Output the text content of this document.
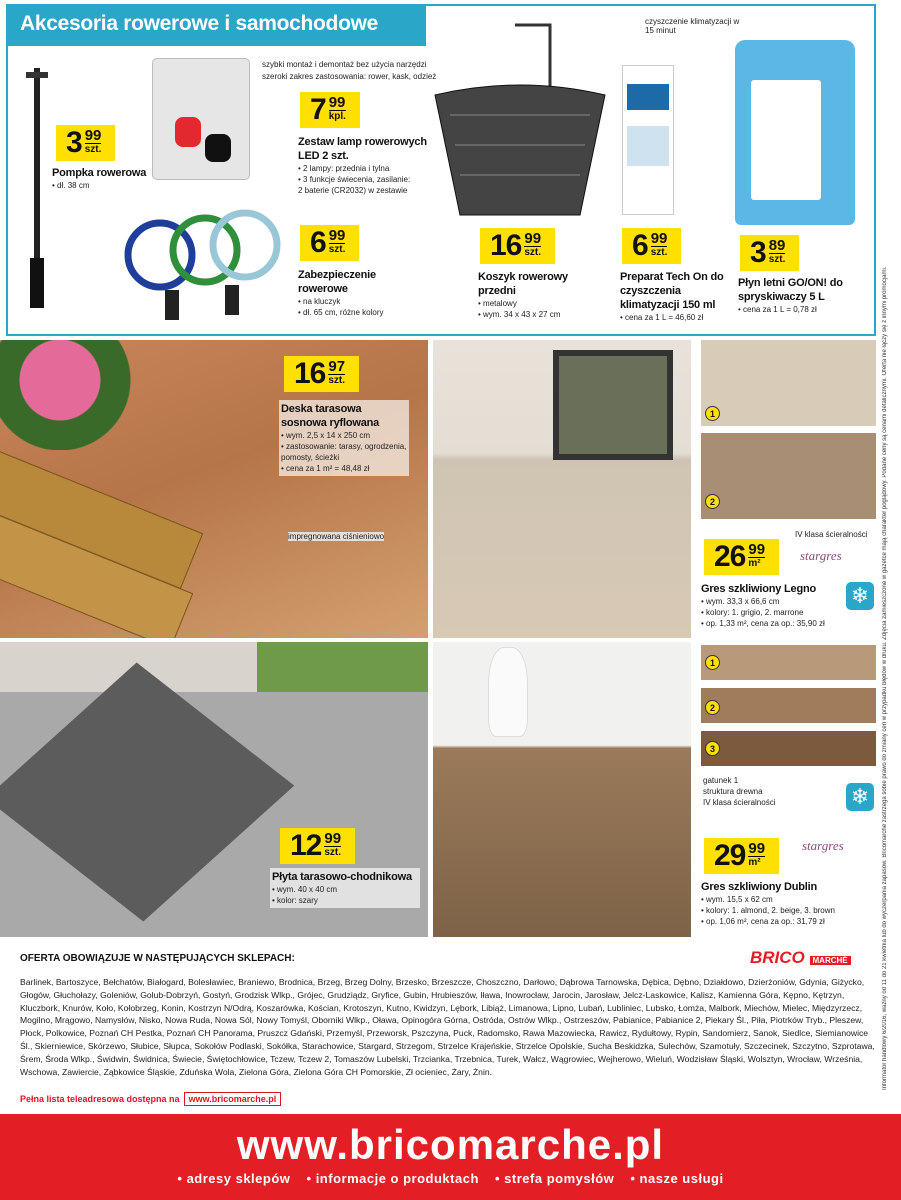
Akcesoria rowerowe i samochodowe
szybki montaż i demontaż bez użycia narzędzi
szeroki zakres zastosowania: rower, kask, odzież
czyszczenie klimatyzacji w 15 minut
3 99
szt.
Pompka rowerowa
• dł. 38 cm
7 99
kpl.
Zestaw lamp rowerowych LED 2 szt.
• 2 lampy: przednia i tylna
• 3 funkcje świecenia, zasilanie:
2 baterie (CR2032) w zestawie
6 99
szt.
Zabezpieczenie rowerowe
• na kluczyk
• dł. 65 cm, różne kolory
16 99
szt.
Koszyk rowerowy przedni
• metalowy
• wym. 34 x 43 x 27 cm
6 99
szt.
Preparat Tech On do czyszczenia klimatyzacji 150 ml
• cena za 1 L = 46,60 zł
3 89
szt.
Płyn letni GO/ON! do spryskiwaczy 5 L
• cena za 1 L = 0,78 zł
16 97
szt.
Deska tarasowa sosnowa ryflowana
• wym. 2,5 x 14 x 250 cm
• zastosowanie: tarasy, ogrodzenia,
pomosty, ścieżki
• cena za 1 m² = 48,48 zł
impregnowana ciśnieniowo
1
2
IV klasa ścieralności
26 99
m²
stargres
❄
Gres szkliwiony Legno
• wym. 33,3 x 66,6 cm
• kolory: 1. grigio, 2. marrone
• op. 1,33 m², cena za op.: 35,90 zł
12 99
szt.
Płyta tarasowo-chodnikowa
• wym. 40 x 40 cm
• kolor: szary
1
2
3
gatunek 1
struktura drewna
IV klasa ścieralności	❄
29 99
m²
stargres
Gres szkliwiony Dublin
• wym. 15,5 x 62 cm
• kolory: 1. almond, 2. beige, 3. brown
• op. 1,06 m², cena za op.: 31,79 zł
OFERTA OBOWIĄZUJE W NASTĘPUJĄCYCH SKLEPACH:	BRICO MARCHÉ
Barlinek, Bartoszyce, Bełchatów, Białogard, Bolesławiec, Braniewo, Brodnica, Brzeg, Brzeg Dolny, Brzesko, Brzeszcze, Choszczno, Darłowo, Dąbrowa Tarnowska, Dębica, Dębno, Działdowo, Dzierżoniów, Gdynia, Giżycko, Głogów, Głuchołazy, Goleniów, Golub-Dobrzyń, Gostyń, Grodzisk Wlkp., Grójec, Grudziądz, Gryfice, Gubin, Hrubieszów, Iława, Inowrocław, Jarocin, Jarosław, Jelcz-Laskowice, Kalisz, Kamienna Góra, Kępno, Kętrzyn, Kluczbork, Knurów, Koło, Kołobrzeg, Konin, Kostrzyn N/Odrą, Koszarówka, Kościan, Krotoszyn, Kutno, Kwidzyn, Lębork, Libiąż, Limanowa, Lipno, Lubań, Lubliniec, Lubsko, Łomża, Malbork, Miechów, Mielec, Międzyrzecz, Mogilno, Mrągowo, Namysłów, Nisko, Nowa Ruda, Nowa Sól, Nowy Tomyśl, Oborniki Wlkp., Oława, Opinogóra Górna, Ostróda, Ostrów Wlkp., Ostrzeszów, Pabianice, Pabianice 2, Piekary Śl., Piła, Piotrków Tryb., Pleszew, Płock, Polkowice, Poznań CH Pestka, Poznań CH Panorama, Pruszcz Gdański, Przemyśl, Przeworsk, Pszczyna, Puck, Radomsko, Rawa Mazowiecka, Rawicz, Rydułtowy, Rypin, Sandomierz, Sanok, Siedlce, Siemianowice Śl., Skierniewice, Skórzewo, Słubice, Słupca, Sokołów Podlaski, Sokółka, Starachowice, Stargard, Strzegom, Strzelce Krajeńskie, Strzelce Opolskie, Sucha Beskidzka, Sulechów, Szamotuły, Szczecinek, Szczytno, Szprotawa, Śrem, Środa Wlkp., Świdwin, Świdnica, Świecie, Świętochłowice, Tczew, Tczew 2, Tomaszów Lubelski, Trzcianka, Trzebnica, Turek, Wałcz, Wągrowiec, Wejherowo, Wieluń, Wodzisław Śląski, Wolsztyn, Wrocław, Września, Wschowa, Zawiercie, Ząbkowice Śląskie, Zduńska Wola, Zielona Góra, Zielona Góra CH Pomorskie, Zł ocieniec, Żary, Żnin.
Pełna lista teleadresowa dostępna na www.bricomarche.pl
Informator handlowy 6/2016, ważny od 11 do 21 kwietnia lub do wyczerpania zapasów. Bricomarché zastrzega sobie prawo do zmiany cen w przypadku błędów w druku. Zdjęcia zamieszczone w gazetce mają charakter poglądowy. Podane ceny są cenami detalicznymi. Oferta nie łączy się z innymi promocjami.
www.bricomarche.pl
• adresy sklepów • informacje o produktach • strefa pomysłów • nasze usługi
